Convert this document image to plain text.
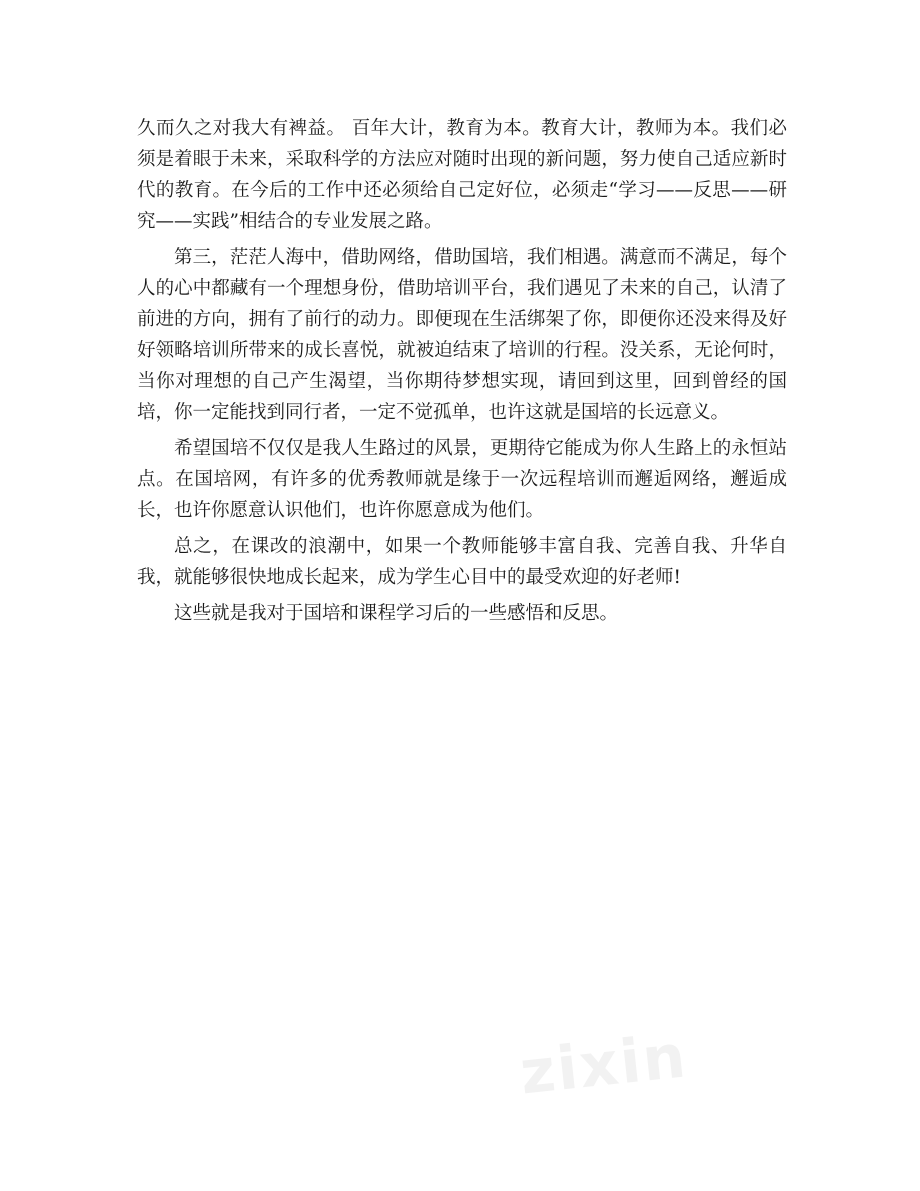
久而久之对我大有裨益。 百年大计，教育为本。教育大计，教师为本。我们必须是着眼于未来，采取科学的方法应对随时出现的新问题，努力使自己适应新时代的教育。在今后的工作中还必须给自己定好位，必须走“学习——反思——研究——实践”相结合的专业发展之路。

第三，茫茫人海中，借助网络，借助国培，我们相遇。满意而不满足，每个人的心中都藏有一个理想身份，借助培训平台，我们遇见了未来的自己，认清了前进的方向，拥有了前行的动力。即便现在生活绑架了你，即便你还没来得及好好领略培训所带来的成长喜悦，就被迫结束了培训的行程。没关系，无论何时，当你对理想的自己产生渴望，当你期待梦想实现，请回到这里，回到曾经的国培，你一定能找到同行者，一定不觉孤单，也许这就是国培的长远意义。

希望国培不仅仅是我人生路过的风景，更期待它能成为你人生路上的永恒站点。在国培网，有许多的优秀教师就是缘于一次远程培训而邂逅网络，邂逅成长，也许你愿意认识他们，也许你愿意成为他们。

总之，在课改的浪潮中，如果一个教师能够丰富自我、完善自我、升华自我，就能够很快地成长起来，成为学生心目中的最受欢迎的好老师!

这些就是我对于国培和课程学习后的一些感悟和反思。

zixin
